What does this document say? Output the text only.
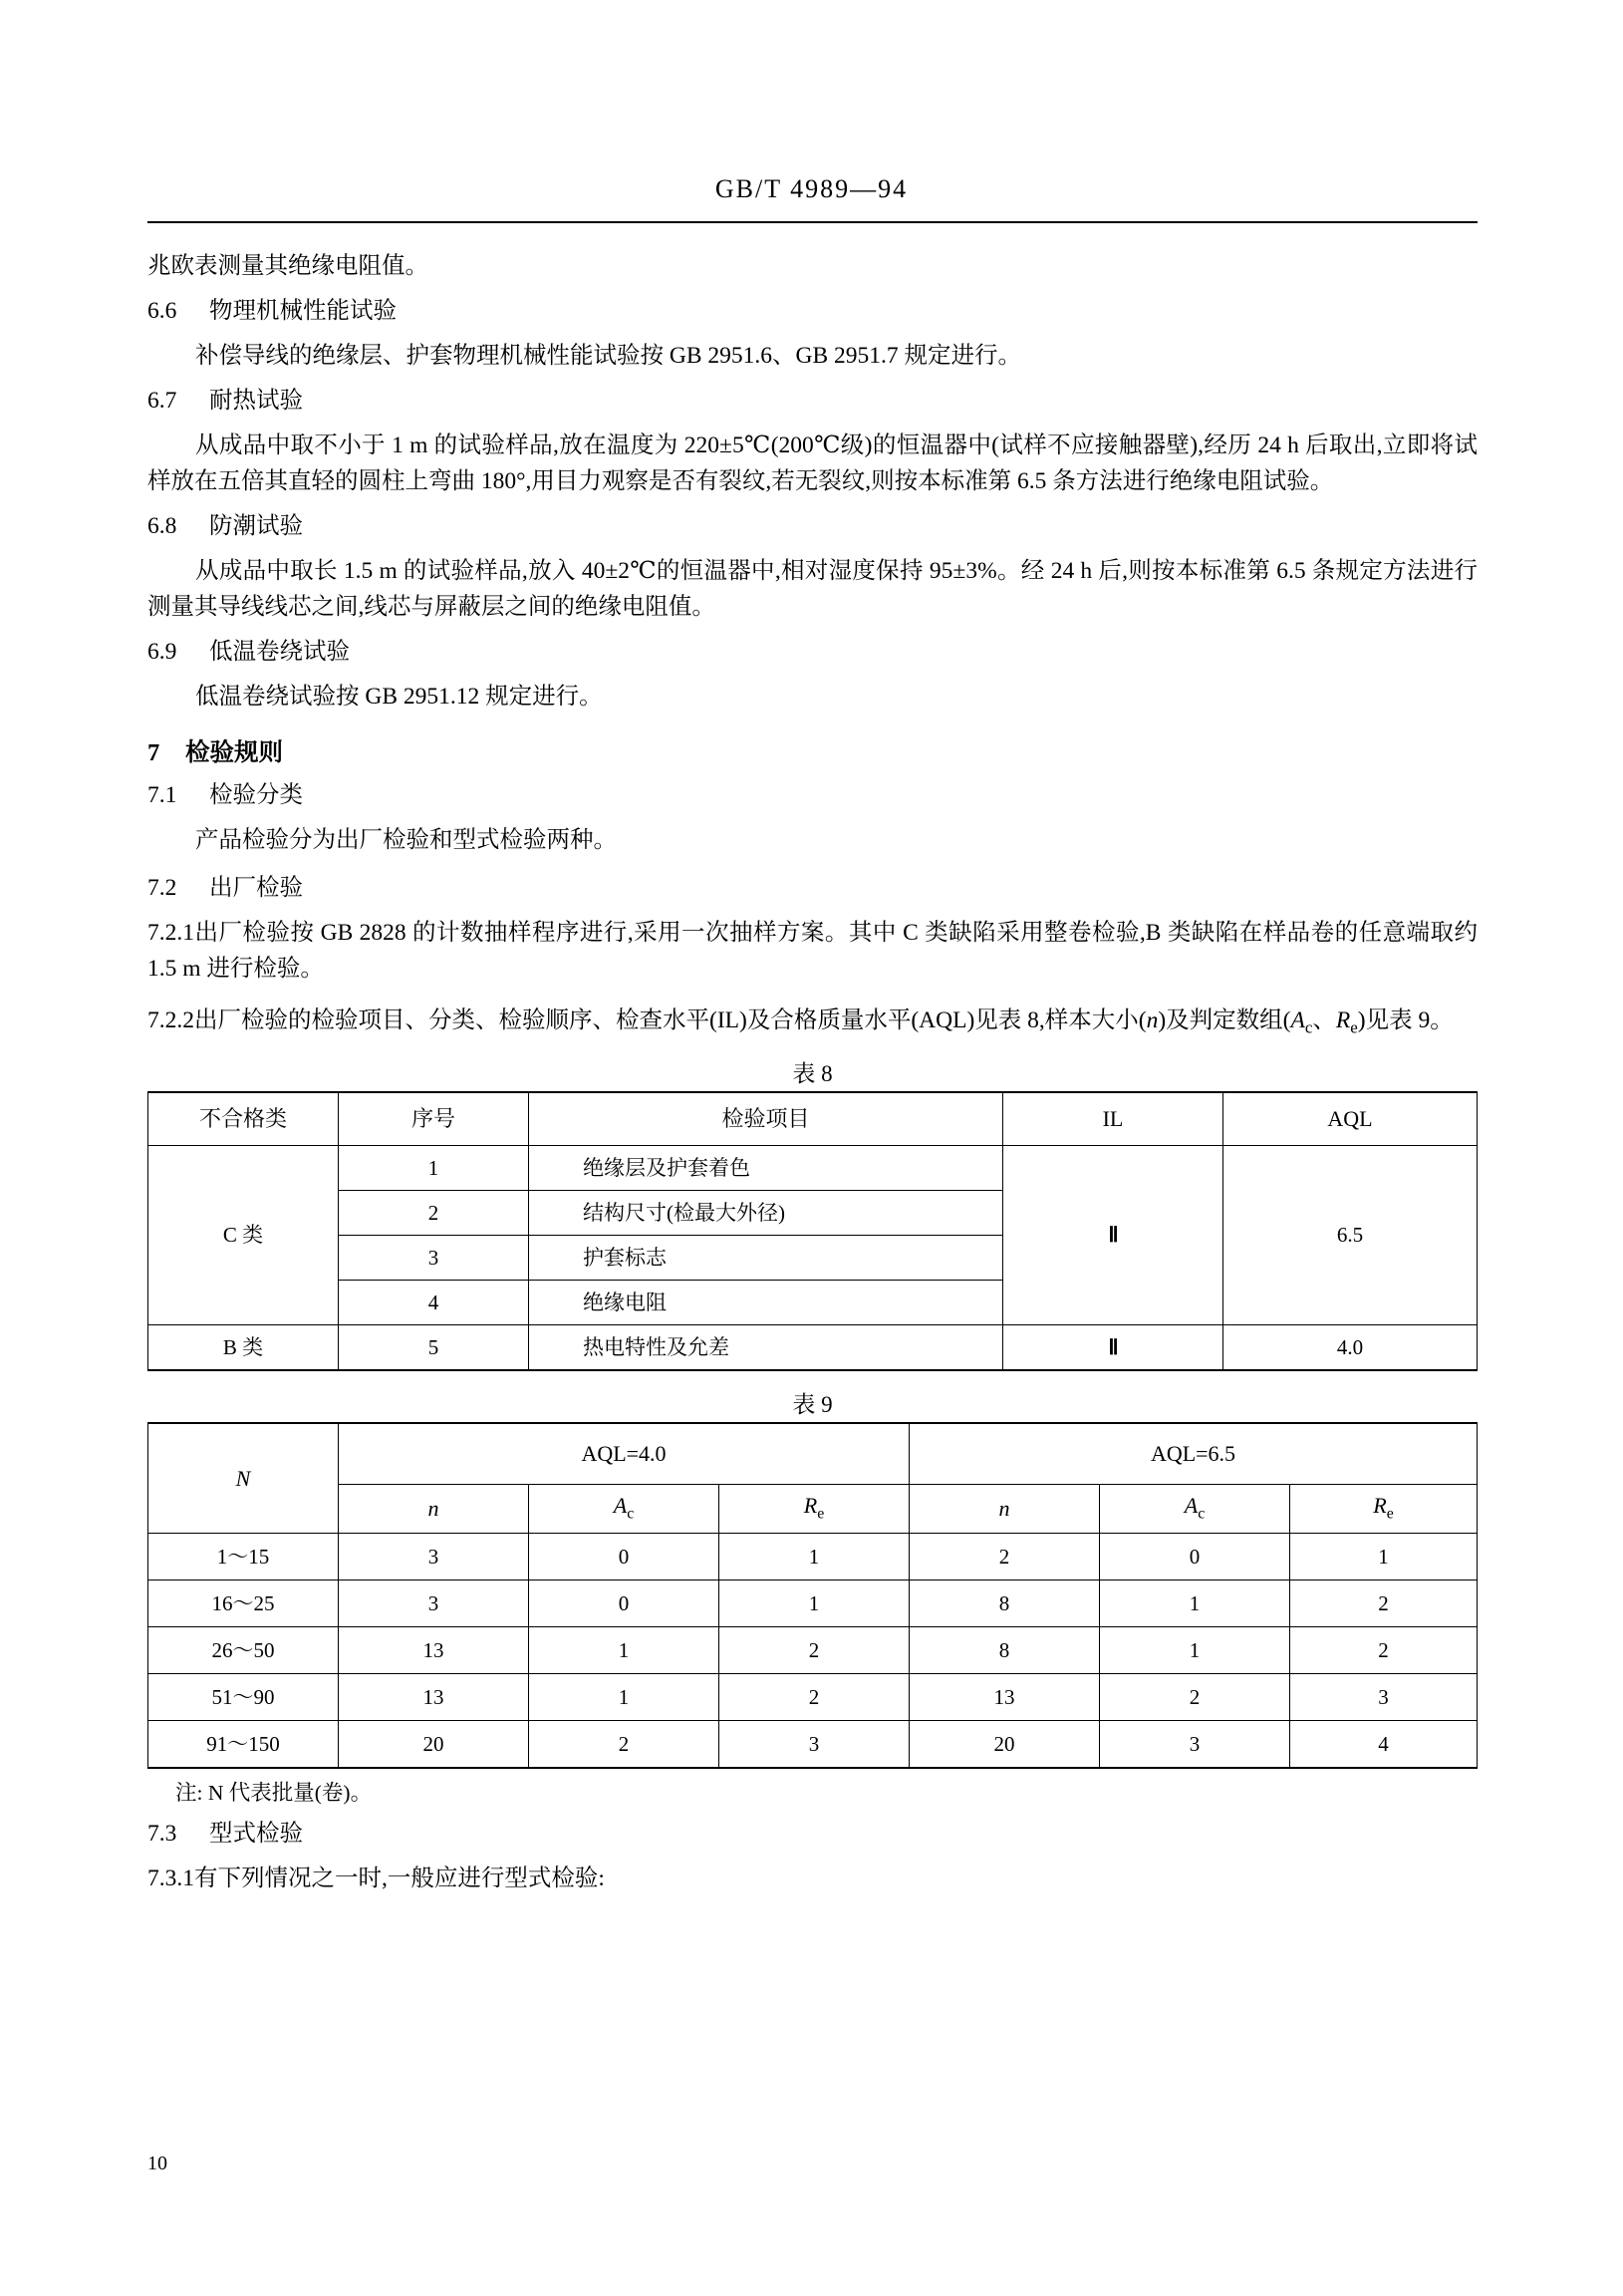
GB/T 4989—94

兆欧表测量其绝缘电阻值。

6.6 物理机械性能试验

补偿导线的绝缘层、护套物理机械性能试验按 GB 2951.6、GB 2951.7 规定进行。

6.7 耐热试验

从成品中取不小于 1 m 的试验样品,放在温度为 220±5℃(200℃级)的恒温器中(试样不应接触器壁),经历 24 h 后取出,立即将试样放在五倍其直轻的圆柱上弯曲 180°,用目力观察是否有裂纹,若无裂纹,则按本标准第 6.5 条方法进行绝缘电阻试验。

6.8 防潮试验

从成品中取长 1.5 m 的试验样品,放入 40±2℃的恒温器中,相对湿度保持 95±3%。经 24 h 后,则按本标准第 6.5 条规定方法进行测量其导线线芯之间,线芯与屏蔽层之间的绝缘电阻值。

6.9 低温卷绕试验

低温卷绕试验按 GB 2951.12 规定进行。

7 检验规则

7.1 检验分类

产品检验分为出厂检验和型式检验两种。

7.2 出厂检验

7.2.1出厂检验按 GB 2828 的计数抽样程序进行,采用一次抽样方案。其中 C 类缺陷采用整卷检验,B 类缺陷在样品卷的任意端取约 1.5 m 进行检验。

7.2.2出厂检验的检验项目、分类、检验顺序、检查水平(IL)及合格质量水平(AQL)见表 8,样本大小(n)及判定数组($A_c$、$R_e$)见表 9。

表 8
不合格类	序号	检验项目	IL	AQL
C 类	1	绝缘层及护套着色	Ⅱ	6.5
	2	结构尺寸(检最大外径)		
	3	护套标志		
	4	绝缘电阻		
B 类	5	热电特性及允差	Ⅱ	4.0
表 9
N	AQL=4.0			AQL=6.5		
	n	$A_c$	$R_e$	n	$A_c$	$R_e$
1～15	3	0	1	2	0	1
16～25	3	0	1	8	1	2
26～50	13	1	2	8	1	2
51～90	13	1	2	13	2	3
91～150	20	2	3	20	3	4

注: N 代表批量(卷)。

7.3 型式检验

7.3.1有下列情况之一时,一般应进行型式检验:

10
